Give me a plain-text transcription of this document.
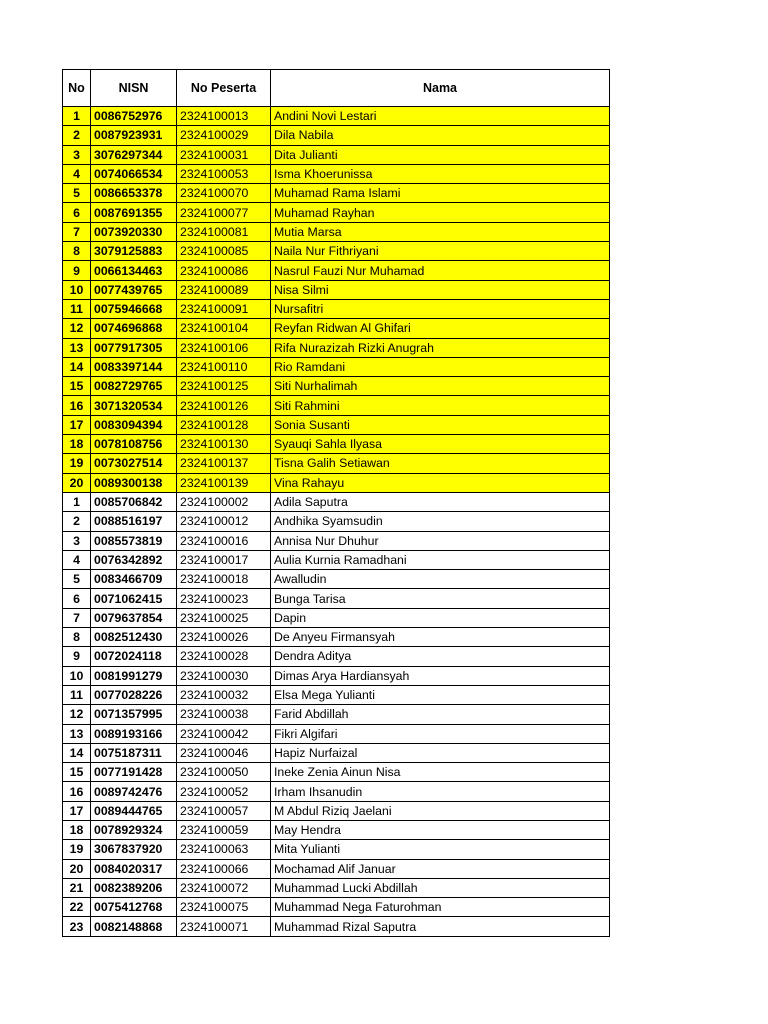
No	NISN	No Peserta	Nama
1	0086752976	2324100013	Andini Novi Lestari
2	0087923931	2324100029	Dila Nabila
3	3076297344	2324100031	Dita Julianti
4	0074066534	2324100053	Isma Khoerunissa
5	0086653378	2324100070	Muhamad Rama Islami
6	0087691355	2324100077	Muhamad Rayhan
7	0073920330	2324100081	Mutia Marsa
8	3079125883	2324100085	Naila Nur Fithriyani
9	0066134463	2324100086	Nasrul Fauzi Nur Muhamad
10	0077439765	2324100089	Nisa Silmi
11	0075946668	2324100091	Nursafitri
12	0074696868	2324100104	Reyfan Ridwan Al Ghifari
13	0077917305	2324100106	Rifa Nurazizah Rizki Anugrah
14	0083397144	2324100110	Rio Ramdani
15	0082729765	2324100125	Siti Nurhalimah
16	3071320534	2324100126	Siti Rahmini
17	0083094394	2324100128	Sonia Susanti
18	0078108756	2324100130	Syauqi Sahla Ilyasa
19	0073027514	2324100137	Tisna Galih Setiawan
20	0089300138	2324100139	Vina Rahayu
1	0085706842	2324100002	Adila Saputra
2	0088516197	2324100012	Andhika Syamsudin
3	0085573819	2324100016	Annisa Nur Dhuhur
4	0076342892	2324100017	Aulia Kurnia Ramadhani
5	0083466709	2324100018	Awalludin
6	0071062415	2324100023	Bunga Tarisa
7	0079637854	2324100025	Dapin
8	0082512430	2324100026	De Anyeu Firmansyah
9	0072024118	2324100028	Dendra Aditya
10	0081991279	2324100030	Dimas Arya Hardiansyah
11	0077028226	2324100032	Elsa Mega Yulianti
12	0071357995	2324100038	Farid Abdillah
13	0089193166	2324100042	Fikri Algifari
14	0075187311	2324100046	Hapiz Nurfaizal
15	0077191428	2324100050	Ineke Zenia Ainun Nisa
16	0089742476	2324100052	Irham Ihsanudin
17	0089444765	2324100057	M Abdul Riziq Jaelani
18	0078929324	2324100059	May Hendra
19	3067837920	2324100063	Mita Yulianti
20	0084020317	2324100066	Mochamad Alif Januar
21	0082389206	2324100072	Muhammad Lucki Abdillah
22	0075412768	2324100075	Muhammad Nega Faturohman
23	0082148868	2324100071	Muhammad Rizal Saputra
